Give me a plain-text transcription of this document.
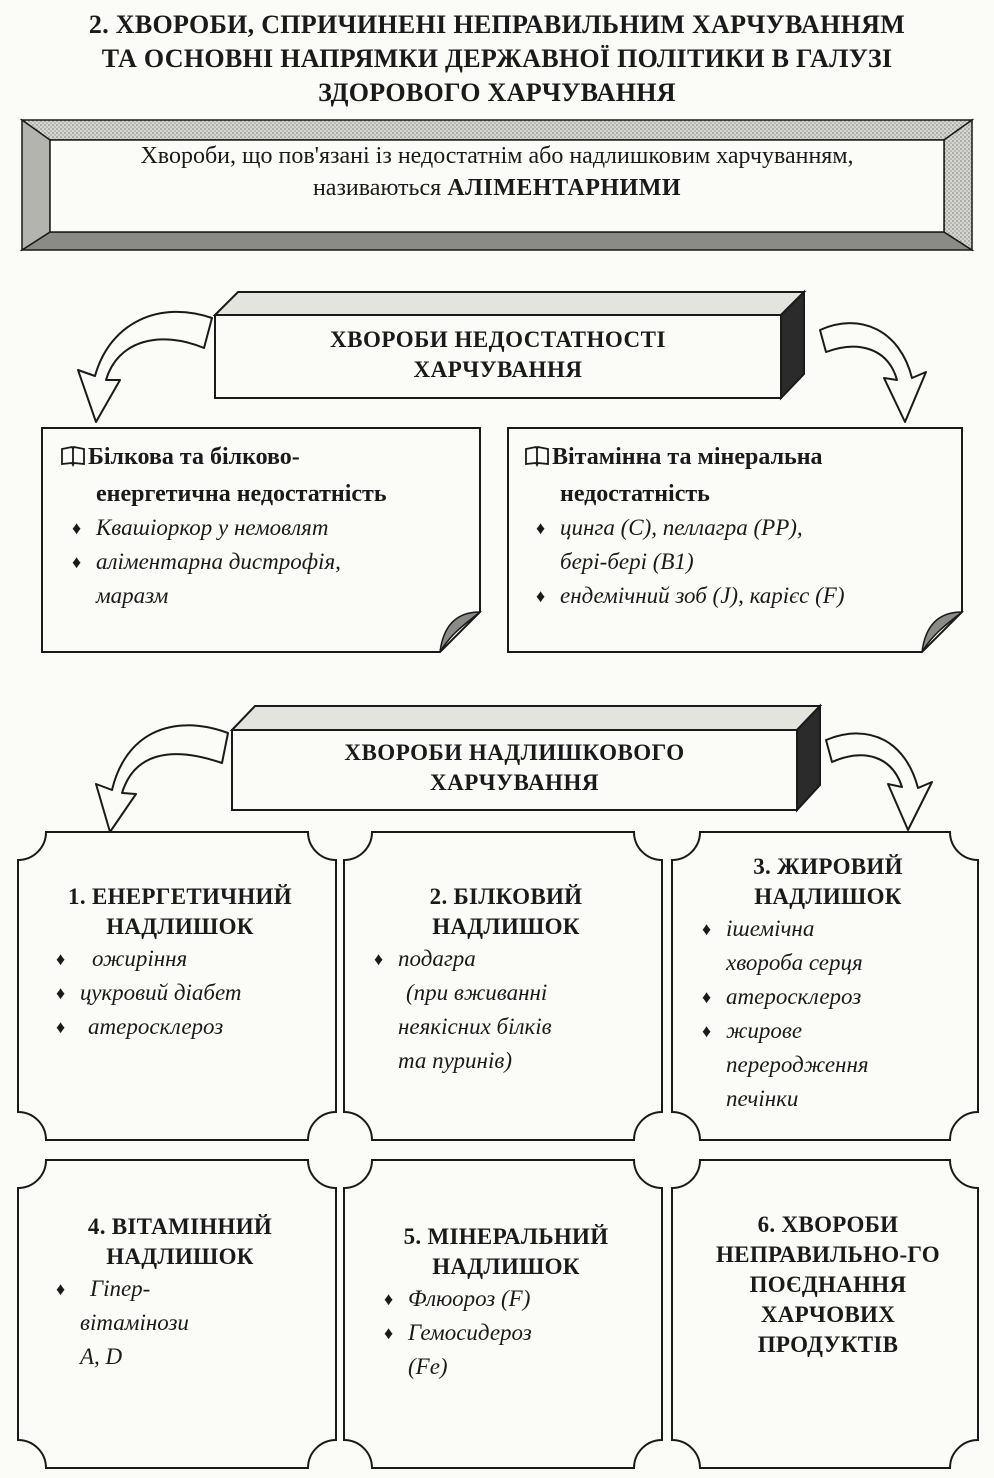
2. ХВОРОБИ, СПРИЧИНЕНІ НЕПРАВИЛЬНИМ ХАРЧУВАННЯМ
ТА ОСНОВНІ НАПРЯМКИ ДЕРЖАВНОЇ ПОЛІТИКИ В ГАЛУЗІ
ЗДОРОВОГО ХАРЧУВАННЯ
Хвороби, що пов'язані із недостатнім або надлишковим харчуванням,
називаються АЛІМЕНТАРНИМИ
ХВОРОБИ НЕДОСТАТНОСТІ
ХАРЧУВАННЯ
Білкова та білково-
енергетична недостатність
♦ Квашіоркор у немовлят
♦ аліментарна дистрофія,
маразм
Вітамінна та мінеральна
недостатність
♦ цинга (С), пеллагра (РР),
бері-бері (В1)
♦ ендемічний зоб (J), карієс (F)
ХВОРОБИ НАДЛИШКОВОГО
ХАРЧУВАННЯ
1. ЕНЕРГЕТИЧНИЙ
НАДЛИШОК
♦ ожиріння
♦ цукровий діабет
♦ атеросклероз
2. БІЛКОВИЙ
НАДЛИШОК
♦ подагра
(при вживанні
неякісних білків
та пуринів)
3. ЖИРОВИЙ
НАДЛИШОК
♦ ішемічна
хвороба серця
♦ атеросклероз
♦ жирове
переродження
печінки
4. ВІТАМІННИЙ
НАДЛИШОК
♦ Гіпер-
вітамінози
А, D
5. МІНЕРАЛЬНИЙ
НАДЛИШОК
♦ Флюороз (F)
♦ Гемосидероз
(Fe)
6. ХВОРОБИ
НЕПРАВИЛЬНО-ГО
ПОЄДНАННЯ
ХАРЧОВИХ
ПРОДУКТІВ
